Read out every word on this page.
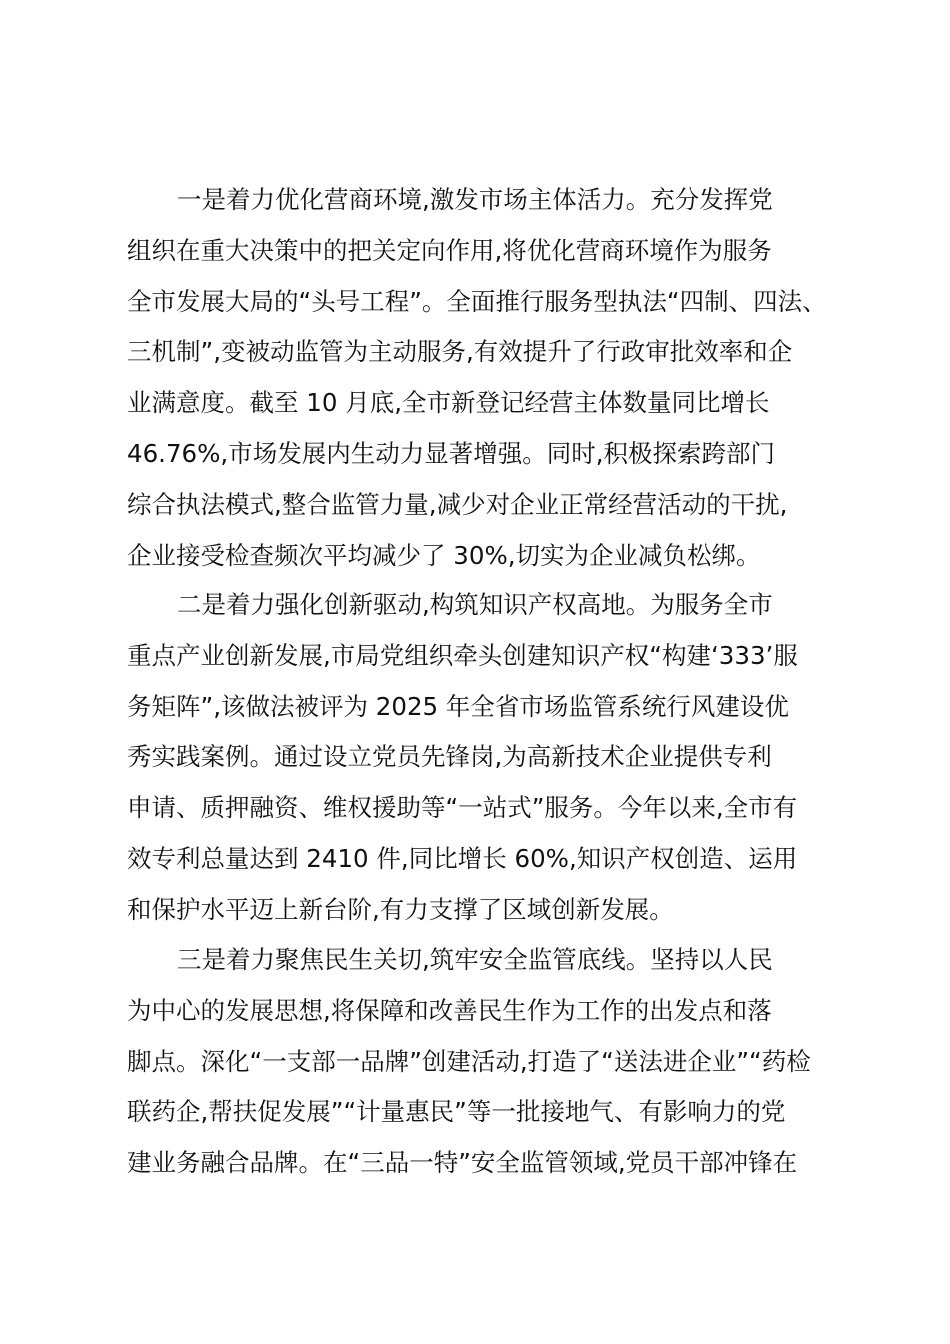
一是着力优化营商环境,激发市场主体活力。充分发挥党
组织在重大决策中的把关定向作用,将优化营商环境作为服务
全市发展大局的“头号工程”。全面推行服务型执法“四制、四法、
三机制”,变被动监管为主动服务,有效提升了行政审批效率和企
业满意度。截至 10 月底,全市新登记经营主体数量同比增长
46.76%,市场发展内生动力显著增强。同时,积极探索跨部门
综合执法模式,整合监管力量,减少对企业正常经营活动的干扰,
企业接受检查频次平均减少了 30%,切实为企业减负松绑。
二是着力强化创新驱动,构筑知识产权高地。为服务全市
重点产业创新发展,市局党组织牵头创建知识产权“构建‘333’服
务矩阵”,该做法被评为 2025 年全省市场监管系统行风建设优
秀实践案例。通过设立党员先锋岗,为高新技术企业提供专利
申请、质押融资、维权援助等“一站式”服务。今年以来,全市有
效专利总量达到 2410 件,同比增长 60%,知识产权创造、运用
和保护水平迈上新台阶,有力支撑了区域创新发展。
三是着力聚焦民生关切,筑牢安全监管底线。坚持以人民
为中心的发展思想,将保障和改善民生作为工作的出发点和落
脚点。深化“一支部一品牌”创建活动,打造了“送法进企业”“药检
联药企,帮扶促发展”“计量惠民”等一批接地气、有影响力的党
建业务融合品牌。在“三品一特”安全监管领域,党员干部冲锋在
